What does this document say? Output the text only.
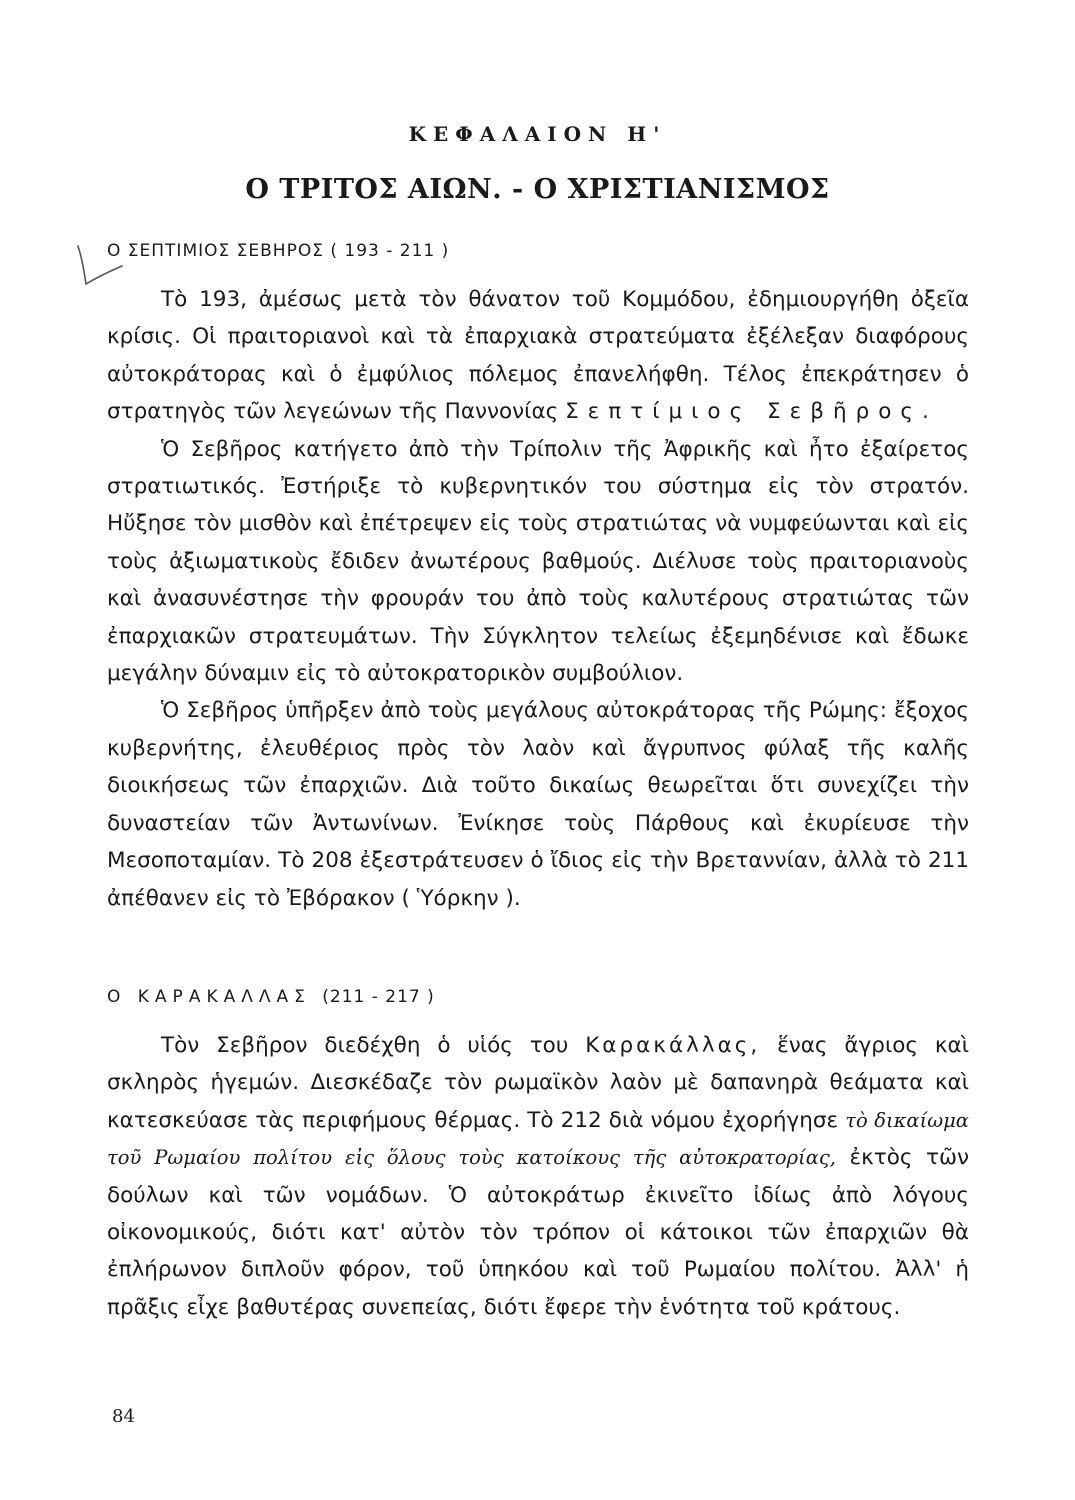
ΚΕΦΑΛΑΙΟΝ Η'
Ο ΤΡΙΤΟΣ ΑΙΩΝ. - Ο ΧΡΙΣΤΙΑΝΙΣΜΟΣ
Ο ΣΕΠΤΙΜΙΟΣ ΣΕΒΗΡΟΣ ( 193 - 211 )

Τὸ 193, ἀμέσως μετὰ τὸν θάνατον τοῦ Κομμόδου, ἐδημιουργήθη ὀξεῖα κρίσις. Οἱ πραιτοριανοὶ καὶ τὰ ἐπαρχιακὰ στρατεύματα ἐξέλεξαν διαφόρους αὐτοκράτορας καὶ ὁ ἐμφύλιος πόλεμος ἐπανελήφθη. Τέλος ἐπεκράτησεν ὁ στρατηγὸς τῶν λεγεώνων τῆς Παννονίας Σεπτίμιος Σεβῆρος.

Ὁ Σεβῆρος κατήγετο ἀπὸ τὴν Τρίπολιν τῆς Ἀφρικῆς καὶ ἦτο ἐξαίρετος στρατιωτικός. Ἐστήριξε τὸ κυβερνητικόν του σύστημα εἰς τὸν στρατόν. Ηὔξησε τὸν μισθὸν καὶ ἐπέτρεψεν εἰς τοὺς στρατιώτας νὰ νυμφεύωνται καὶ εἰς τοὺς ἀξιωματικοὺς ἔδιδεν ἀνωτέρους βαθμούς. Διέλυσε τοὺς πραιτοριανοὺς καὶ ἀνασυνέστησε τὴν φρουράν του ἀπὸ τοὺς καλυτέρους στρατιώτας τῶν ἐπαρχιακῶν στρατευμάτων. Τὴν Σύγκλητον τελείως ἐξεμηδένισε καὶ ἔδωκε μεγάλην δύναμιν εἰς τὸ αὐτοκρατορικὸν συμβούλιον.

Ὁ Σεβῆρος ὑπῆρξεν ἀπὸ τοὺς μεγάλους αὐτοκράτορας τῆς Ρώμης: ἔξοχος κυβερνήτης, ἐλευθέριος πρὸς τὸν λαὸν καὶ ἄγρυπνος φύλαξ τῆς καλῆς διοικήσεως τῶν ἐπαρχιῶν. Διὰ τοῦτο δικαίως θεωρεῖται ὅτι συνεχίζει τὴν δυναστείαν τῶν Ἀντωνίνων. Ἐνίκησε τοὺς Πάρθους καὶ ἐκυρίευσε τὴν Μεσοποταμίαν. Τὸ 208 ἐξεστράτευσεν ὁ ἴδιος εἰς τὴν Βρεταννίαν, ἀλλὰ τὸ 211 ἀπέθανεν εἰς τὸ Ἐβόρακον ( Ὑόρκην ).

Ο ΚΑΡΑΚΑΛΛΑΣ (211 - 217 )

Τὸν Σεβῆρον διεδέχθη ὁ υἱός του Καρακάλλας, ἕνας ἄγριος καὶ σκληρὸς ἡγεμών. Διεσκέδαζε τὸν ρωμαϊκὸν λαὸν μὲ δαπανηρὰ θεάματα καὶ κατεσκεύασε τὰς περιφήμους θέρμας. Τὸ 212 διὰ νόμου ἐχορήγησε τὸ δικαίωμα τοῦ Ρωμαίου πολίτου εἰς ὅλους τοὺς κατοίκους τῆς αὐτοκρατορίας, ἐκτὸς τῶν δούλων καὶ τῶν νομάδων. Ὁ αὐτοκράτωρ ἐκινεῖτο ἰδίως ἀπὸ λόγους οἰκονομικούς, διότι κατ' αὐτὸν τὸν τρόπον οἱ κάτοικοι τῶν ἐπαρχιῶν θὰ ἐπλήρωνον διπλοῦν φόρον, τοῦ ὑπηκόου καὶ τοῦ Ρωμαίου πολίτου. Ἀλλ' ἡ πρᾶξις εἶχε βαθυτέρας συνεπείας, διότι ἔφερε τὴν ἑνότητα τοῦ κράτους.

84
